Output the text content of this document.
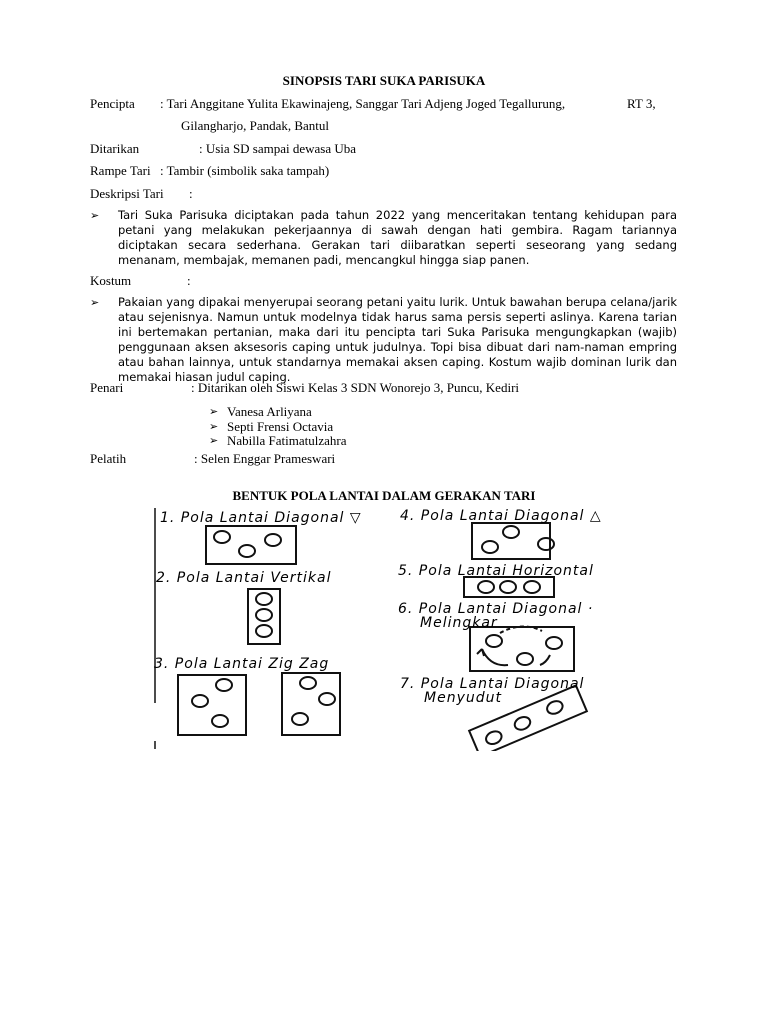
SINOPSIS TARI SUKA PARISUKA
Pencipta : Tari Anggitane Yulita Ekawinajeng, Sanggar Tari Adjeng Joged Tegallurung,	RT 3,
Gilangharjo, Pandak, Bantul
Ditarikan	: Usia SD sampai dewasa Uba
Rampe Tari : Tambir (simbolik saka tampah)
Deskripsi Tari :
➢ Tari Suka Parisuka diciptakan pada tahun 2022 yang menceritakan tentang kehidupan para petani yang melakukan pekerjaannya di sawah dengan hati gembira. Ragam tariannya diciptakan secara sederhana. Gerakan tari diibaratkan seperti seseorang yang sedang menanam, membajak, memanen padi, mencangkul hingga siap panen.
Kostum	:
➢ Pakaian yang dipakai menyerupai seorang petani yaitu lurik. Untuk bawahan berupa celana/jarik atau sejenisnya. Namun untuk modelnya tidak harus sama persis seperti aslinya. Karena tarian ini bertemakan pertanian, maka dari itu pencipta tari Suka Parisuka mengungkapkan (wajib) penggunaan aksen aksesoris caping untuk judulnya. Topi bisa dibuat dari nam-naman empring atau bahan lainnya, untuk standarnya memakai aksen caping. Kostum wajib dominan lurik dan memakai hiasan judul caping.
Penari	: Ditarikan oleh Siswi Kelas 3 SDN Wonorejo 3, Puncu, Kediri
➢ Vanesa Arliyana
➢ Septi Frensi Octavia
➢ Nabilla Fatimatulzahra
Pelatih	: Selen Enggar Prameswari
BENTUK POLA LANTAI DALAM GERAKAN TARI
1. Pola Lantai Diagonal ▽
2. Pola Lantai Vertikal
3. Pola Lantai Zig Zag
4. Pola Lantai Diagonal △
5. Pola Lantai Horizontal
6. Pola Lantai Diagonal ·
Melingkar
7. Pola Lantai Diagonal
Menyudut
